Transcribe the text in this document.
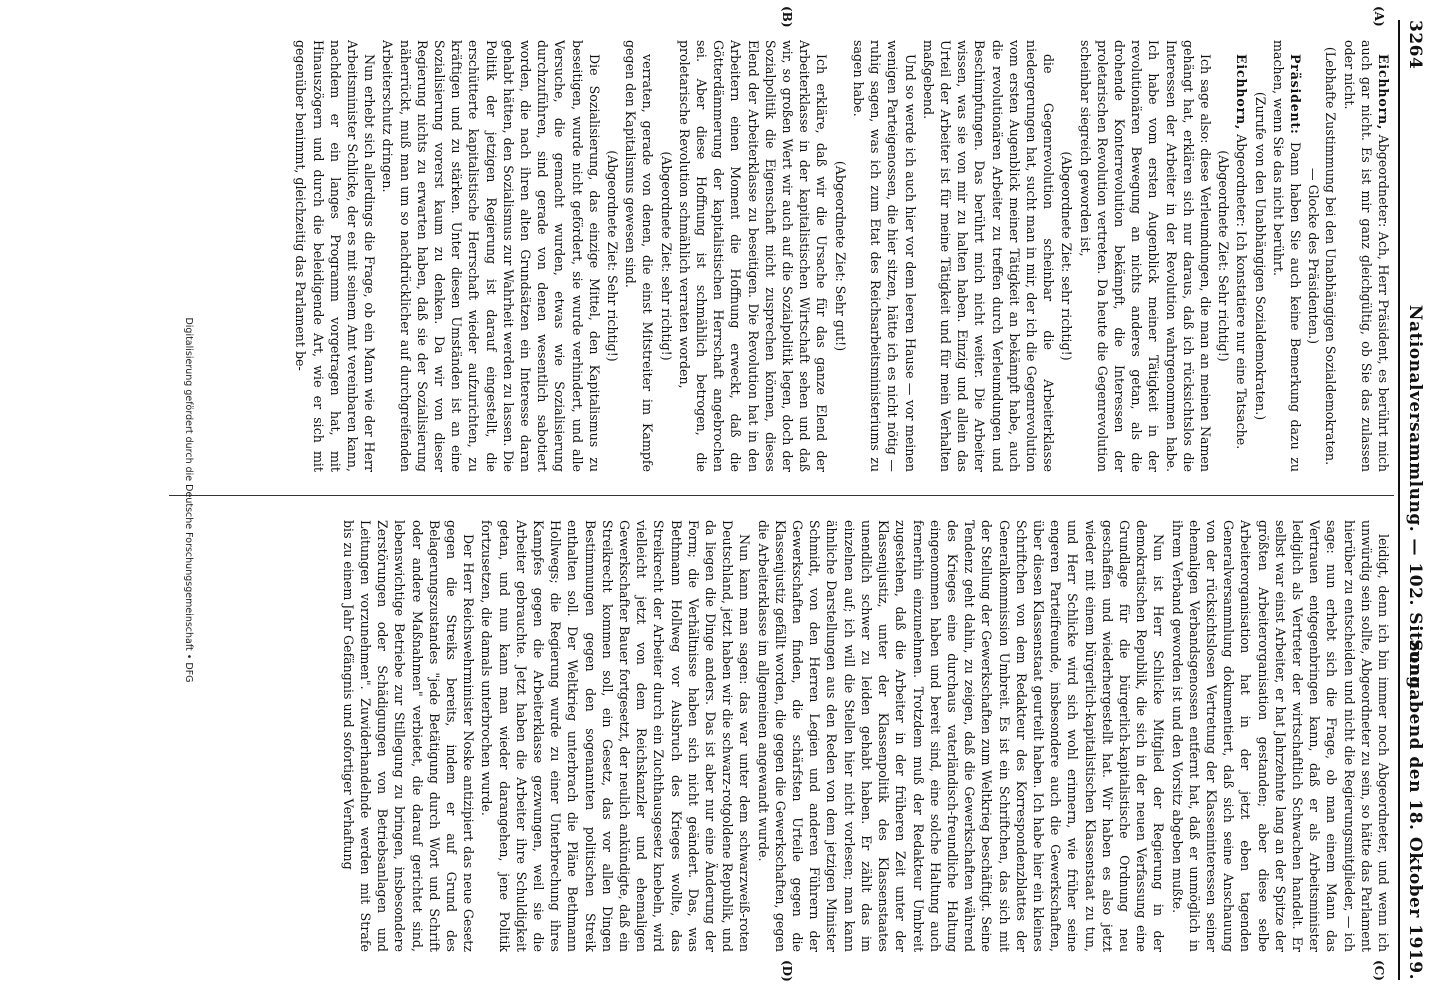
3264
Nationalversammlung. — 102. Sitzung.
Sonnabend den 18. Oktober 1919.
(A)
(B)
(C)
(D)

Eichhorn, Abgeordneter: Ach, Herr Präsident, es berührt mich auch gar nicht. Es ist mir ganz gleichgültig, ob Sie das zulassen oder nicht.

(Lebhafte Zustimmung bei den Unabhängigen Sozialdemokraten. — Glocke des Präsidenten.)

Präsident: Dann haben Sie auch keine Bemerkung dazu zu machen, wenn Sie das nicht berührt.

(Zurufe von den Unabhängigen Sozialdemokraten.)

Eichhorn, Abgeordneter: Ich konstatiere nur eine Tatsache.

(Abgeordnete Ziet: Sehr richtig!)

Ich sage also: diese Verleumdungen, die man an meinen Namen gehängt hat, erklären sich nur daraus, daß ich rücksichtslos die Interessen der Arbeiter in der Revolution wahrgenommen habe. Ich habe vom ersten Augenblick meiner Tätigkeit in der revolutionären Bewegung an nichts anderes getan, als die drohende Konterrevolution bekämpft, die Interessen der proletarischen Revolution vertreten. Da heute die Gegenrevolution scheinbar siegreich geworden ist,

(Abgeordnete Ziet: sehr richtig!)

die Gegenrevolution scheinbar die Arbeiterklasse niedergerungen hat, sucht man in mir, der ich die Gegenrevolution vom ersten Augenblick meiner Tätigkeit an bekämpft habe, auch die revolutionären Arbeiter zu treffen durch Verleumdungen und Beschimpfungen. Das berührt mich nicht weiter. Die Arbeiter wissen, was sie von mir zu halten haben. Einzig und allein das Urteil der Arbeiter ist für meine Tätigkeit und für mein Verhalten maßgebend.

Und so werde ich auch hier vor dem leeren Hause — vor meinen wenigen Parteigenossen, die hier sitzen, hätte ich es nicht nötig — ruhig sagen, was ich zum Etat des Reichsarbeitsministeriums zu sagen habe.

(Abgeordnete Ziet: Sehr gut!)

Ich erkläre, daß wir die Ursache für das ganze Elend der Arbeiterklasse in der kapitalistischen Wirtschaft sehen und daß wir, so großen Wert wir auch auf die Sozialpolitik legen, doch der Sozialpolitik die Eigenschaft nicht zusprechen können, dieses Elend der Arbeiterklasse zu beseitigen. Die Revolution hat in den Arbeitern einen Moment die Hoffnung erweckt, daß die Götterdämmerung der kapitalistischen Herrschaft angebrochen sei. Aber diese Hoffnung ist schmählich betrogen, die proletarische Revolution schmählich verraten worden,

(Abgeordnete Ziet: sehr richtig!)

verraten, gerade von denen, die einst Mitstreiter im Kampfe gegen den Kapitalismus gewesen sind.

(Abgeordnete Ziet: Sehr richtig!)

Die Sozialisierung, das einzige Mittel, den Kapitalismus zu beseitigen, wurde nicht gefördert, sie wurde verhindert, und alle Versuche, die gemacht wurden, etwas wie Sozialisierung durchzuführen, sind gerade von denen wesentlich sabotiert worden, die nach ihren alten Grundsätzen ein Interesse daran gehabt hätten, den Sozialismus zur Wahrheit werden zu lassen. Die Politik der jetzigen Regierung ist darauf eingestellt, die erschütterte kapitalistische Herrschaft wieder aufzurichten, zu kräftigen und zu stärken. Unter diesen Umständen ist an eine Sozialisierung vorerst kaum zu denken. Da wir von dieser Regierung nichts zu erwarten haben, daß sie der Sozialisierung näherrückt, muß man um so nachdrücklicher auf durchgreifenden Arbeiterschutz dringen.

Nun erhebt sich allerdings die Frage, ob ein Mann wie der Herr Arbeitsminister Schlicke, der es mit seinem Amt vereinbaren kann, nachdem er ein langes Programm vorgetragen hat, mit Hinauszögern und durch die beleidigende Art, wie er sich mit gegenüber benimmt, gleichzeitig das Parlament be-

leidigt, denn ich bin immer noch Abgeordneter, und wenn ich unwürdig sein sollte, Abgeordneter zu sein, so hätte das Parlament hierüber zu entscheiden und nicht die Regierungsmitglieder, — ich sage: nun erhebt sich die Frage, ob man einem Mann das Vertrauen entgegenbringen kann, daß er als Arbeitsminister lediglich als Vertreter der wirtschaftlich Schwachen handelt. Er selbst war einst Arbeiter, er hat Jahrzehnte lang an der Spitze der größten Arbeiterorganisation gestanden; aber diese selbe Arbeiterorganisation hat in der jetzt eben tagenden Generalversammlung dokumentiert, daß sich seine Anschauung von der rücksichtslosen Vertretung der Klasseninteressen seiner ehemaligen Verbandsgenossen entfernt hat, daß er unmöglich in ihrem Verband geworden ist und den Vorsitz abgeben mußte.

Nun ist Herr Schlicke Mitglied der Regierung in der demokratischen Republik, die sich in der neuen Verfassung eine Grundlage für die bürgerlich-kapitalistische Ordnung neu geschaffen und wiederhergestellt hat. Wir haben es also jetzt wieder mit einem bürgerlich-kapitalistischen Klassenstaat zu tun, und Herr Schlicke wird sich wohl erinnern, wie früher seine engeren Parteifreunde, insbesondere auch die Gewerkschaften, über diesen Klassenstaat geurteilt haben. Ich habe hier ein kleines Schriftchen von dem Redakteur des Korrespondenzblattes der Generalkommission Umbreit. Es ist ein Schriftchen, das sich mit der Stellung der Gewerkschaften zum Weltkrieg beschäftigt. Seine Tendenz geht dahin, zu zeigen, daß die Gewerkschaften während des Krieges eine durchaus vaterländisch-freundliche Haltung eingenommen haben und bereit sind, eine solche Haltung auch fernerhin einzunehmen. Trotzdem muß der Redakteur Umbreit zugestehen, daß die Arbeiter in der früheren Zeit unter der Klassenjustiz, unter der Klassenpolitik des Klassenstaates unendlich schwer zu leiden gehabt haben. Er zählt das im einzelnen auf; ich will die Stellen hier nicht vorlesen; man kann ähnliche Darstellungen aus den Reden von dem jetzigen Minister Schmidt, von den Herren Legien und anderen Führern der Gewerkschaften finden, die schärfsten Urteile gegen die Klassenjustiz gefällt worden, die gegen die Gewerkschaften, gegen die Arbeiterklasse im allgemeinen angewandt wurde.

Nun kann man sagen: das war unter dem schwarzweiß-roten Deutschland, jetzt haben wir die schwarz-rotgoldene Republik, und da liegen die Dinge anders. Das ist aber nur eine Änderung der Form; die Verhältnisse haben sich nicht geändert. Das, was Bethmann Hollweg vor Ausbruch des Krieges wollte, das Streikrecht der Arbeiter durch ein Zuchthausgesetz knebeln, wird vielleicht jetzt von dem Reichskanzler und ehemaligen Gewerkschafter Bauer fortgesetzt, der neulich ankündigte, daß ein Streikrecht kommen soll, ein Gesetz, das vor allen Dingen Bestimmungen gegen den sogenannten politischen Streik enthalten soll. Der Weltkrieg unterbrach die Pläne Bethmann Hollwegs; die Regierung wurde zu einer Unterbrechung ihres Kampfes gegen die Arbeiterklasse gezwungen, weil sie die Arbeiter gebrauchte. Jetzt haben die Arbeiter ihre Schuldigkeit getan, und nun kann man wieder darangehen, jene Politik fortzusetzen, die damals unterbrochen wurde.

Der Herr Reichswehrminister Noske antizipiert das neue Gesetz gegen die Streiks bereits, indem er auf Grund des Belagerungszustandes "jede Betätigung durch Wort und Schrift oder andere Maßnahmen" verbietet, die darauf gerichtet sind, lebenswichtige Betriebe zur Stillegung zu bringen, insbesondere Zerstörungen oder Schädigungen von Betriebsanlagen und Leitungen vorzunehmen". Zuwiderhandelnde werden mit Strafe bis zu einem Jahr Gefängnis und sofortiger Verhaftung

Digitalisierung gefördert durch die Deutsche Forschungsgemeinschaft • DFG
